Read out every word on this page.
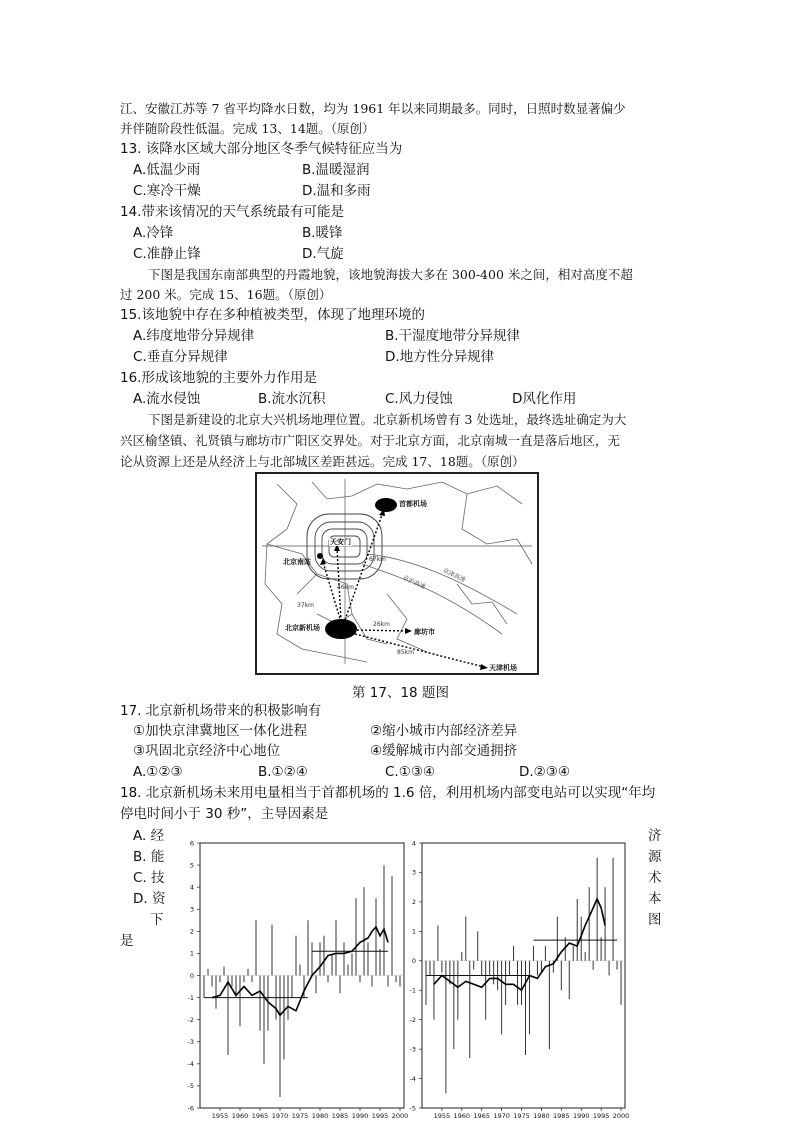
江、安徽江苏等 7 省平均降水日数，均为 1961 年以来同期最多。同时，日照时数显著偏少
并伴随阶段性低温。完成 13、14题。（原创）
13. 该降水区域大部分地区冬季气候特征应当为
A.低温少雨	B.温暖湿润
C.寒冷干燥	D.温和多雨
14.带来该情况的天气系统最有可能是
A.冷锋	B.暖锋
C.准静止锋	D.气旋
下图是我国东南部典型的丹霞地貌，该地貌海拔大多在 300-400 米之间，相对高度不超
过 200 米。完成 15、16题。（原创）
15.该地貌中存在多种植被类型，体现了地理环境的
A.纬度地带分异规律	B.干湿度地带分异规律
C.垂直分异规律	D.地方性分异规律
16.形成该地貌的主要外力作用是
A.流水侵蚀	B.流水沉积	C.风力侵蚀	D风化作用
下图是新建设的北京大兴机场地理位置。北京新机场曾有 3 处选址，最终选址确定为大
兴区榆垡镇、礼贤镇与廊坊市广阳区交界处。对于北京方面，北京南城一直是落后地区，无
论从资源上还是从经济上与北部城区差距甚远。完成 17、18题。（原创）
首都机场
天安门
北京南站
北京新机场	廊坊市
天津机场
67km
46km
37km
26km
85km
京沪高速	京津高速
第 17、18 题图
17. 北京新机场带来的积极影响有
①加快京津冀地区一体化进程	②缩小城市内部经济差异
③巩固北京经济中心地位	④缓解城市内部交通拥挤
A.①②③	B.①②④	C.①③④	D.②③④
18. 北京新机场未来用电量相当于首都机场的 1.6 倍，利用机场内部变电站可以实现“年均
停电时间小于 30 秒”，主导因素是
A. 经
B. 能
C. 技
D. 资
下
是
济
源
术
本
图
6
5
4
3
2
1
0
-1
-2
-3
-4
-5
-6
1955 1960 1965 1970 1975 1980 1985 1990 1995 2000
4
3
2
1
0
-1
-2
-3
-4
-5
1955 1960 1965 1970 1975 1980 1985 1990 1995 2000
